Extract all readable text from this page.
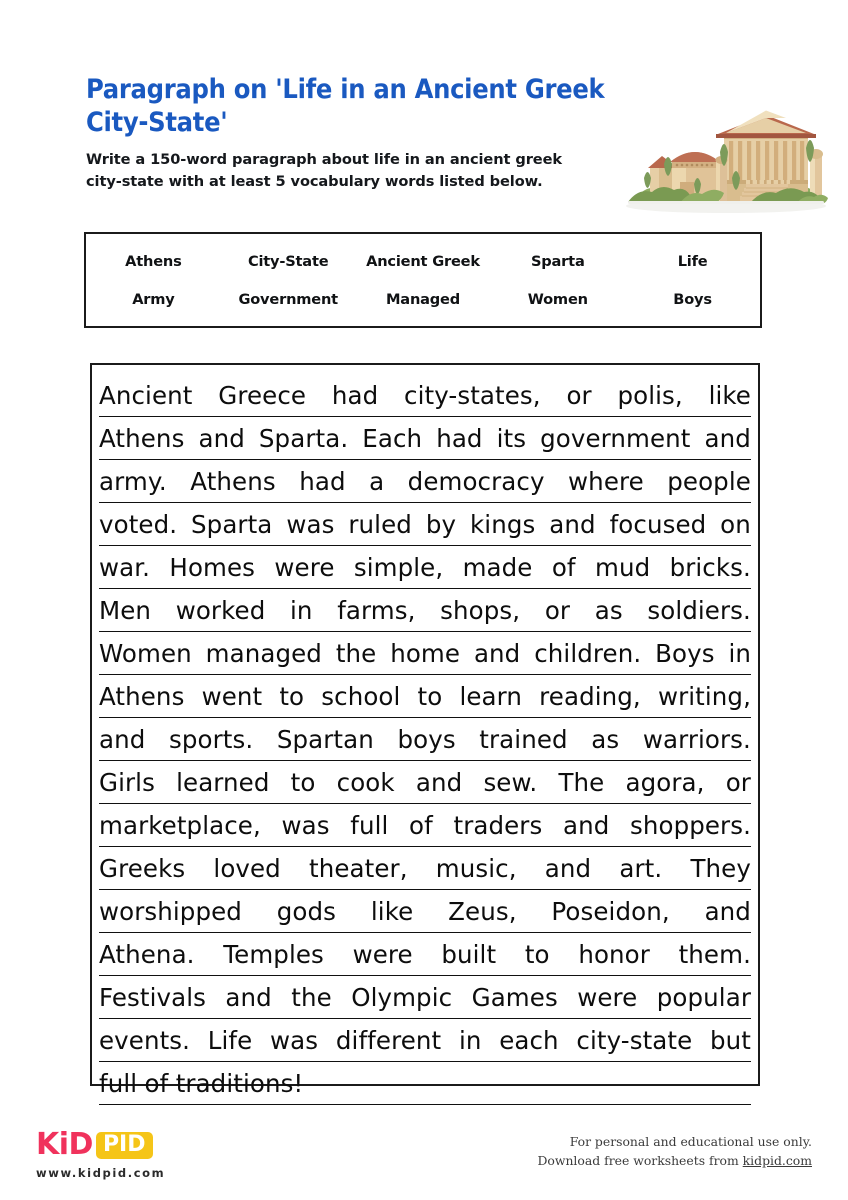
Paragraph on 'Life in an Ancient Greek
City-State'

Write a 150-word paragraph about life in an ancient greek
city-state with at least 5 vocabulary words listed below.

Athens	City-State	Ancient Greek	Sparta	Life
Army	Government	Managed	Women	Boys
Ancient Greece had city-states, or polis, like
Athens and Sparta. Each had its government and
army. Athens had a democracy where people
voted. Sparta was ruled by kings and focused on
war. Homes were simple, made of mud bricks.
Men worked in farms, shops, or as soldiers.
Women managed the home and children. Boys in
Athens went to school to learn reading, writing,
and sports. Spartan boys trained as warriors.
Girls learned to cook and sew. The agora, or
marketplace, was full of traders and shoppers.
Greeks loved theater, music, and art. They
worshipped gods like Zeus, Poseidon, and
Athena. Temples were built to honor them.
Festivals and the Olympic Games were popular
events. Life was different in each city-state but
full of traditions!
KiD PID
www.kidpid.com
For personal and educational use only.
Download free worksheets from kidpid.com
